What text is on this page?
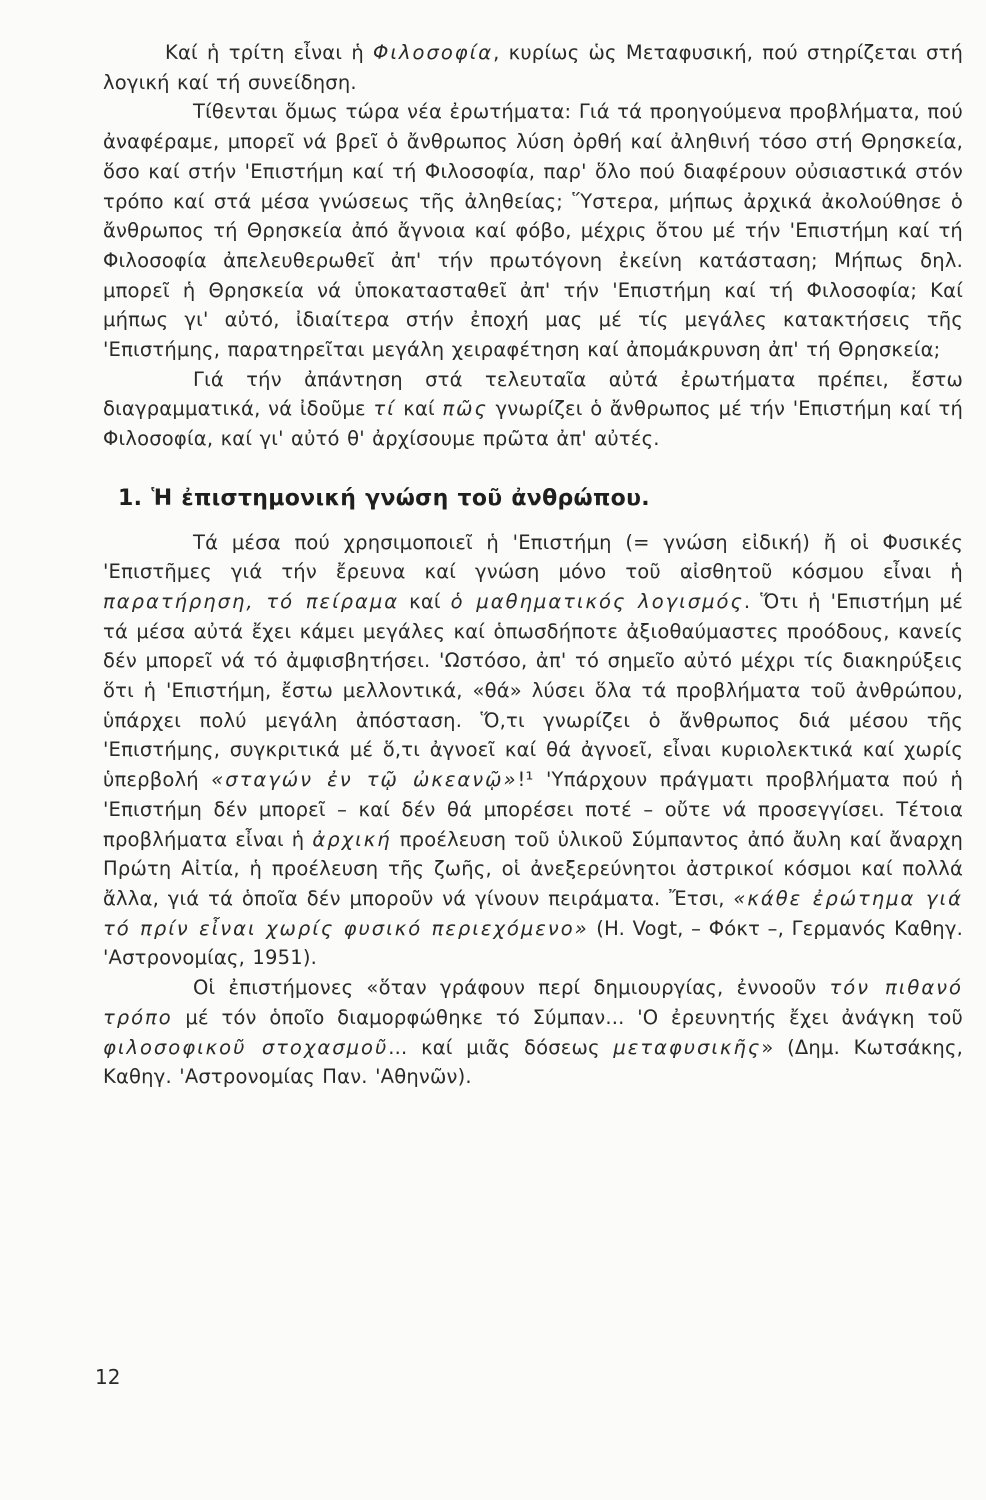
Καί ἡ τρίτη εἶναι ἡ Φιλοσοφία, κυρίως ὡς Μεταφυσική, πού στηρίζεται στή λογική καί τή συνείδηση.

Τίθενται ὅμως τώρα νέα ἐρωτήματα: Γιά τά προηγούμενα προβλήματα, πού ἀναφέραμε, μπορεῖ νά βρεῖ ὁ ἄνθρωπος λύση ὀρθή καί ἀληθινή τόσο στή Θρησκεία, ὅσο καί στήν 'Επιστήμη καί τή Φιλοσοφία, παρ' ὅλο πού διαφέρουν οὐσιαστικά στόν τρόπο καί στά μέσα γνώσεως τῆς ἀληθείας; Ὕστερα, μήπως ἀρχικά ἀκολούθησε ὁ ἄνθρωπος τή Θρησκεία ἀπό ἄγνοια καί φόβο, μέχρις ὅτου μέ τήν 'Επιστήμη καί τή Φιλοσοφία ἀπελευθερωθεῖ ἀπ' τήν πρωτόγονη ἐκείνη κατάσταση; Μήπως δηλ. μπορεῖ ἡ Θρησκεία νά ὑποκατασταθεῖ ἀπ' τήν 'Επιστήμη καί τή Φιλοσοφία; Καί μήπως γι' αὐτό, ἰδιαίτερα στήν ἐποχή μας μέ τίς μεγάλες κατακτήσεις τῆς 'Επιστήμης, παρατηρεῖται μεγάλη χειραφέτηση καί ἀπομάκρυνση ἀπ' τή Θρησκεία;

Γιά τήν ἀπάντηση στά τελευταῖα αὐτά ἐρωτήματα πρέπει, ἔστω διαγραμματικά, νά ἰδοῦμε τί καί πῶς γνωρίζει ὁ ἄνθρωπος μέ τήν 'Επιστήμη καί τή Φιλοσοφία, καί γι' αὐτό θ' ἀρχίσουμε πρῶτα ἀπ' αὐτές.

1. Ἡ ἐπιστημονική γνώση τοῦ ἀνθρώπου.

Τά μέσα πού χρησιμοποιεῖ ἡ 'Επιστήμη (= γνώση εἰδική) ἤ οἱ Φυσικές 'Επιστῆμες γιά τήν ἔρευνα καί γνώση μόνο τοῦ αἰσθητοῦ κόσμου εἶναι ἡ παρατήρηση, τό πείραμα καί ὁ μαθηματικός λογισμός. Ὅτι ἡ 'Επιστήμη μέ τά μέσα αὐτά ἔχει κάμει μεγάλες καί ὁπωσδήποτε ἀξιοθαύμαστες προόδους, κανείς δέν μπορεῖ νά τό ἀμφισβητήσει. 'Ωστόσο, ἀπ' τό σημεῖο αὐτό μέχρι τίς διακηρύξεις ὅτι ἡ 'Επιστήμη, ἔστω μελλοντικά, «θά» λύσει ὅλα τά προβλήματα τοῦ ἀνθρώπου, ὑπάρχει πολύ μεγάλη ἀπόσταση. Ὅ,τι γνωρίζει ὁ ἄνθρωπος διά μέσου τῆς 'Επιστήμης, συγκριτικά μέ ὅ,τι ἀγνοεῖ καί θά ἀγνοεῖ, εἶναι κυριολεκτικά καί χωρίς ὑπερβολή «σταγών ἐν τῷ ὠκεανῷ»!¹ 'Υπάρχουν πράγματι προβλήματα πού ἡ 'Επιστήμη δέν μπορεῖ – καί δέν θά μπορέσει ποτέ – οὔτε νά προσεγγίσει. Τέτοια προβλήματα εἶναι ἡ ἀρχική προέλευση τοῦ ὑλικοῦ Σύμπαντος ἀπό ἄυλη καί ἄναρχη Πρώτη Αἰτία, ἡ προέλευση τῆς ζωῆς, οἱ ἀνεξερεύνητοι ἀστρικοί κόσμοι καί πολλά ἄλλα, γιά τά ὁποῖα δέν μποροῦν νά γίνουν πειράματα. Ἔτσι, «κάθε ἐρώτημα γιά τό πρίν εἶναι χωρίς φυσικό περιεχόμενο» (H. Vogt, – Φόκτ –, Γερμανός Καθηγ. 'Αστρονομίας, 1951).

Οἱ ἐπιστήμονες «ὅταν γράφουν περί δημιουργίας, ἐννοοῦν τόν πιθανό τρόπο μέ τόν ὁποῖο διαμορφώθηκε τό Σύμπαν... 'Ο ἐρευνητής ἔχει ἀνάγκη τοῦ φιλοσοφικοῦ στοχασμοῦ... καί μιᾶς δόσεως μεταφυσικῆς» (Δημ. Κωτσάκης, Καθηγ. 'Αστρονομίας Παν. 'Αθηνῶν).

12
